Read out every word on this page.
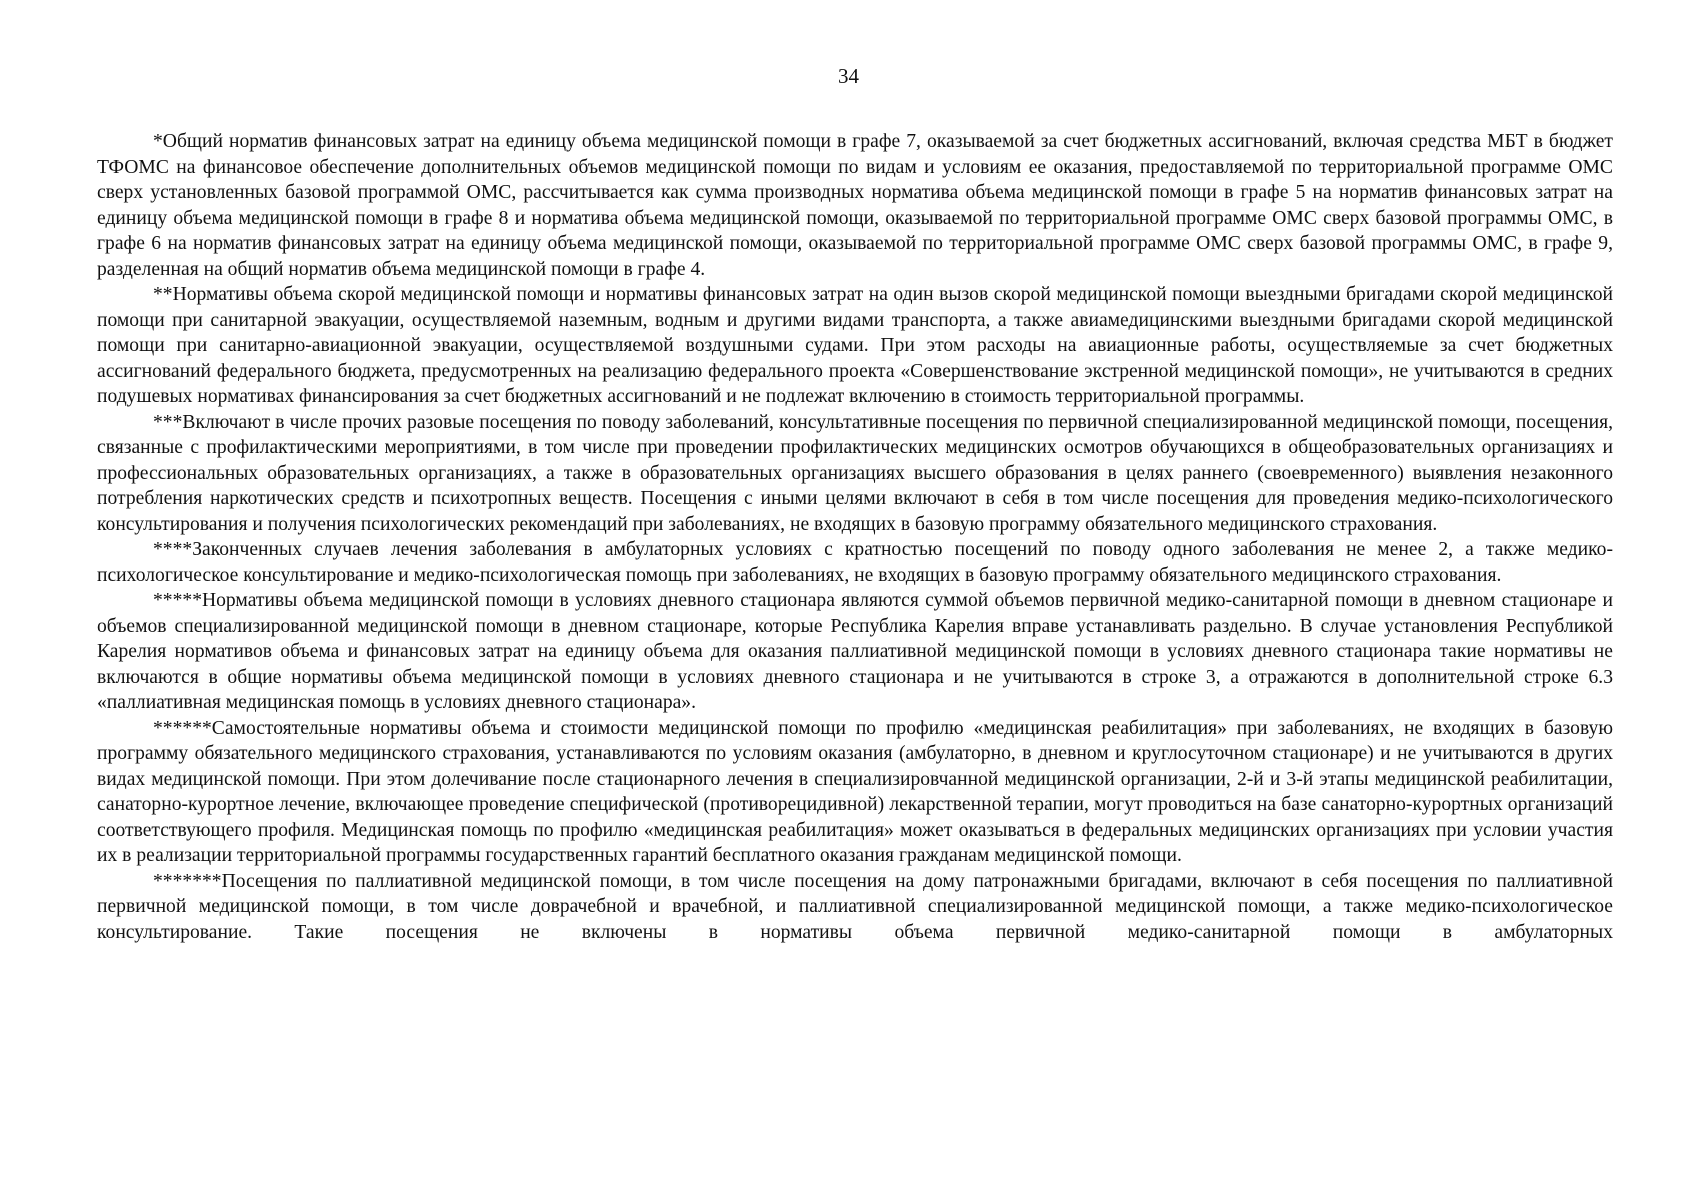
34

*Общий норматив финансовых затрат на единицу объема медицинской помощи в графе 7, оказываемой за счет бюджетных ассигнований, включая средства МБТ в бюджет ТФОМС на финансовое обеспечение дополнительных объемов медицинской помощи по видам и условиям ее оказания, предоставляемой по территориальной программе ОМС сверх установленных базовой программой ОМС, рассчитывается как сумма производных норматива объема медицинской помощи в графе 5 на норматив финансовых затрат на единицу объема медицинской помощи в графе 8 и норматива объема медицинской помощи, оказываемой по территориальной программе ОМС сверх базовой программы ОМС, в графе 6 на норматив финансовых затрат на единицу объема медицинской помощи, оказываемой по территориальной программе ОМС сверх базовой программы ОМС, в графе 9, разделенная на общий норматив объема медицинской помощи в графе 4.

**Нормативы объема скорой медицинской помощи и нормативы финансовых затрат на один вызов скорой медицинской помощи выездными бригадами скорой медицинской помощи при санитарной эвакуации, осуществляемой наземным, водным и другими видами транспорта, а также авиамедицинскими выездными бригадами скорой медицинской помощи при санитарно-авиационной эвакуации, осуществляемой воздушными судами. При этом расходы на авиационные работы, осуществляемые за счет бюджетных ассигнований федерального бюджета, предусмотренных на реализацию федерального проекта «Совершенствование экстренной медицинской помощи», не учитываются в средних подушевых нормативах финансирования за счет бюджетных ассигнований и не подлежат включению в стоимость территориальной программы.

***Включают в числе прочих разовые посещения по поводу заболеваний, консультативные посещения по первичной специализированной медицинской помощи, посещения, связанные с профилактическими мероприятиями, в том числе при проведении профилактических медицинских осмотров обучающихся в общеобразовательных организациях и профессиональных образовательных организациях, а также в образовательных организациях высшего образования в целях раннего (своевременного) выявления незаконного потребления наркотических средств и психотропных веществ. Посещения с иными целями включают в себя в том числе посещения для проведения медико-психологического консультирования и получения психологических рекомендаций при заболеваниях, не входящих в базовую программу обязательного медицинского страхования.

****Законченных случаев лечения заболевания в амбулаторных условиях с кратностью посещений по поводу одного заболевания не менее 2, а также медико-психологическое консультирование и медико-психологическая помощь при заболеваниях, не входящих в базовую программу обязательного медицинского страхования.

*****Нормативы объема медицинской помощи в условиях дневного стационара являются суммой объемов первичной медико-санитарной помощи в дневном стационаре и объемов специализированной медицинской помощи в дневном стационаре, которые Республика Карелия вправе устанавливать раздельно. В случае установления Республикой Карелия нормативов объема и финансовых затрат на единицу объема для оказания паллиативной медицинской помощи в условиях дневного стационара такие нормативы не включаются в общие нормативы объема медицинской помощи в условиях дневного стационара и не учитываются в строке 3, а отражаются в дополнительной строке 6.3 «паллиативная медицинская помощь в условиях дневного стационара».

******Самостоятельные нормативы объема и стоимости медицинской помощи по профилю «медицинская реабилитация» при заболеваниях, не входящих в базовую программу обязательного медицинского страхования, устанавливаются по условиям оказания (амбулаторно, в дневном и круглосуточном стационаре) и не учитываются в других видах медицинской помощи. При этом долечивание после стационарного лечения в специализировчанной медицинской организации, 2-й и 3-й этапы медицинской реабилитации, санаторно-курортное лечение, включающее проведение специфической (противорецидивной) лекарственной терапии, могут проводиться на базе санаторно-курортных организаций соответствующего профиля. Медицинская помощь по профилю «медицинская реабилитация» может оказываться в федеральных медицинских организациях при условии участия их в реализации территориальной программы государственных гарантий бесплатного оказания гражданам медицинской помощи.

*******Посещения по паллиативной медицинской помощи, в том числе посещения на дому патронажными бригадами, включают в себя посещения по паллиативной первичной медицинской помощи, в том числе доврачебной и врачебной, и паллиативной специализированной медицинской помощи, а также медико-психологическое консультирование. Такие посещения не включены в нормативы объема первичной медико-санитарной помощи в амбулаторных
